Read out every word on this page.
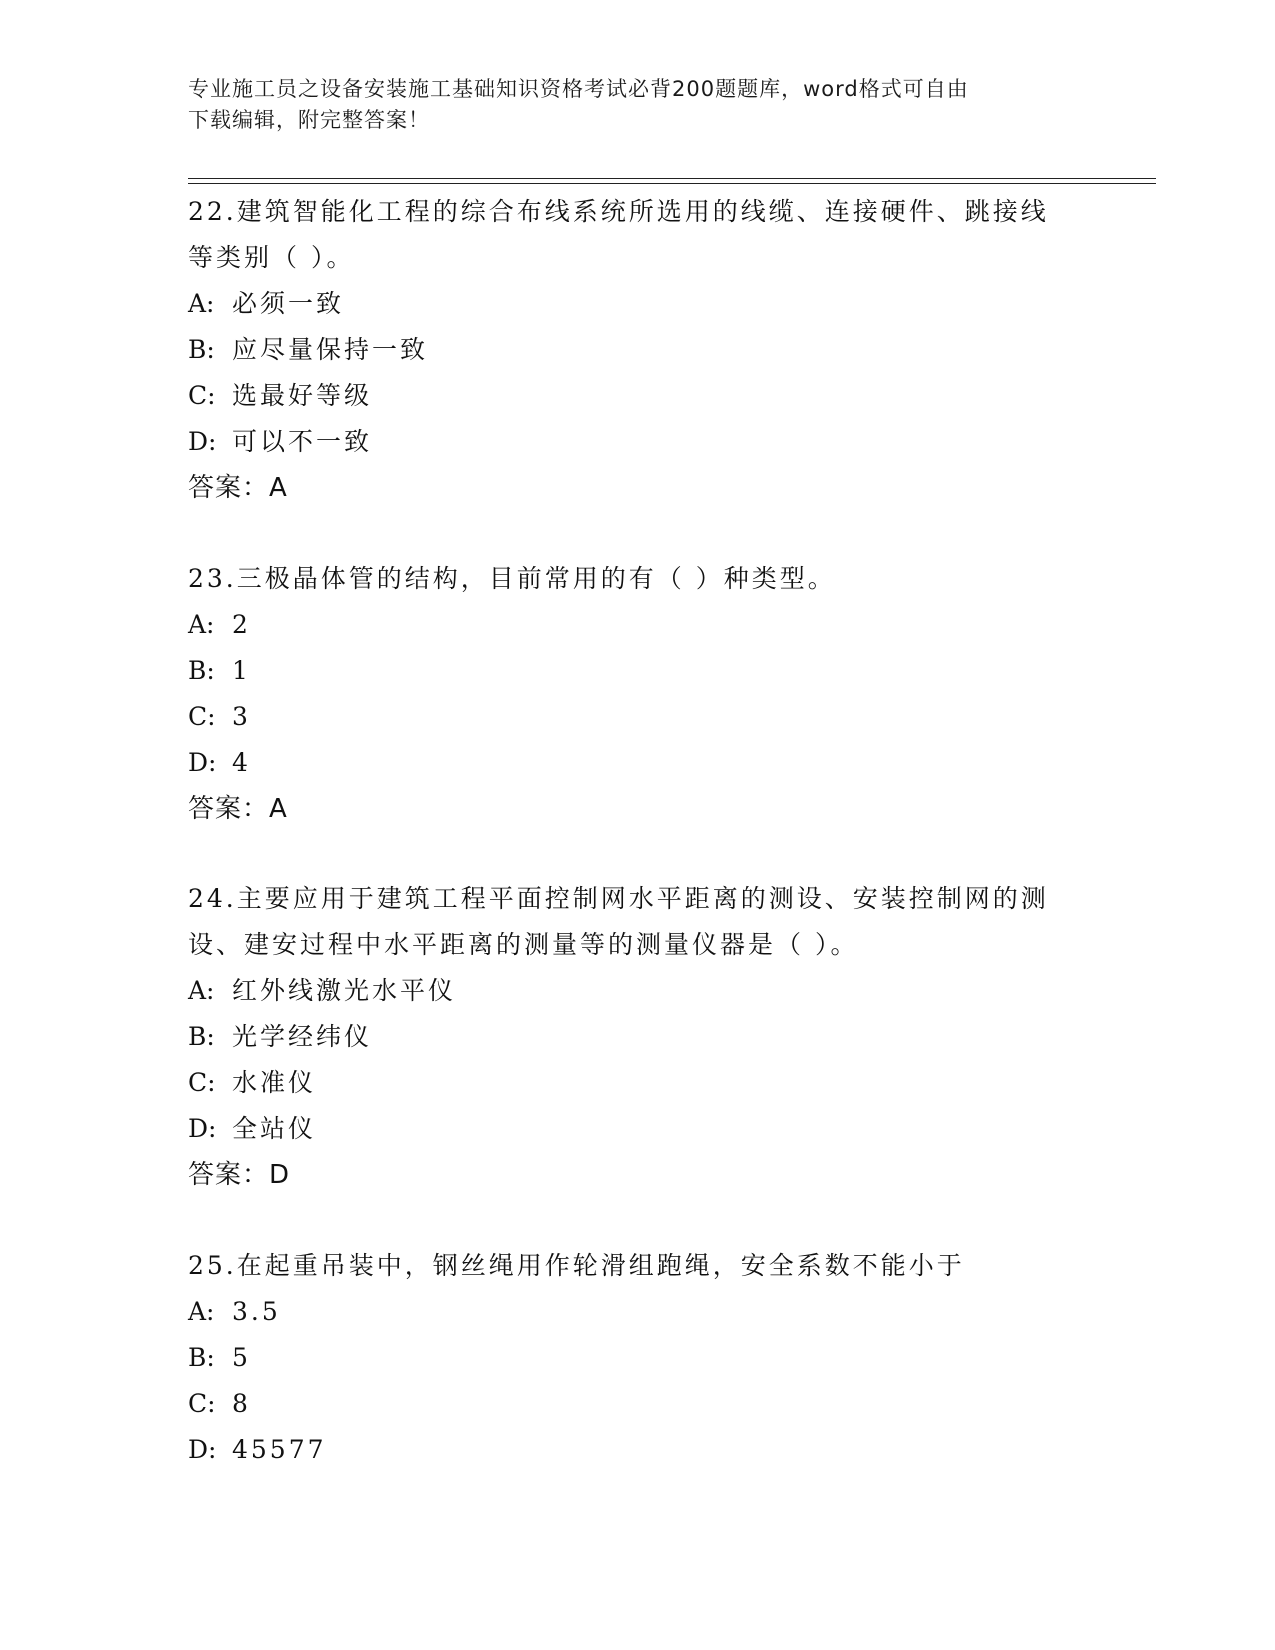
专业施工员之设备安装施工基础知识资格考试必背200题题库，word格式可自由
下载编辑，附完整答案！

22.建筑智能化工程的综合布线系统所选用的线缆、连接硬件、跳接线

等类别（ ）。

A: 必须一致

B: 应尽量保持一致

C: 选最好等级

D: 可以不一致

答案：A

23.三极晶体管的结构，目前常用的有（ ）种类型。

A: 2

B: 1

C: 3

D: 4

答案：A

24.主要应用于建筑工程平面控制网水平距离的测设、安装控制网的测

设、建安过程中水平距离的测量等的测量仪器是（ ）。

A: 红外线激光水平仪

B: 光学经纬仪

C: 水准仪

D: 全站仪

答案：D

25.在起重吊装中，钢丝绳用作轮滑组跑绳，安全系数不能小于

A: 3.5

B: 5

C: 8

D: 45577
